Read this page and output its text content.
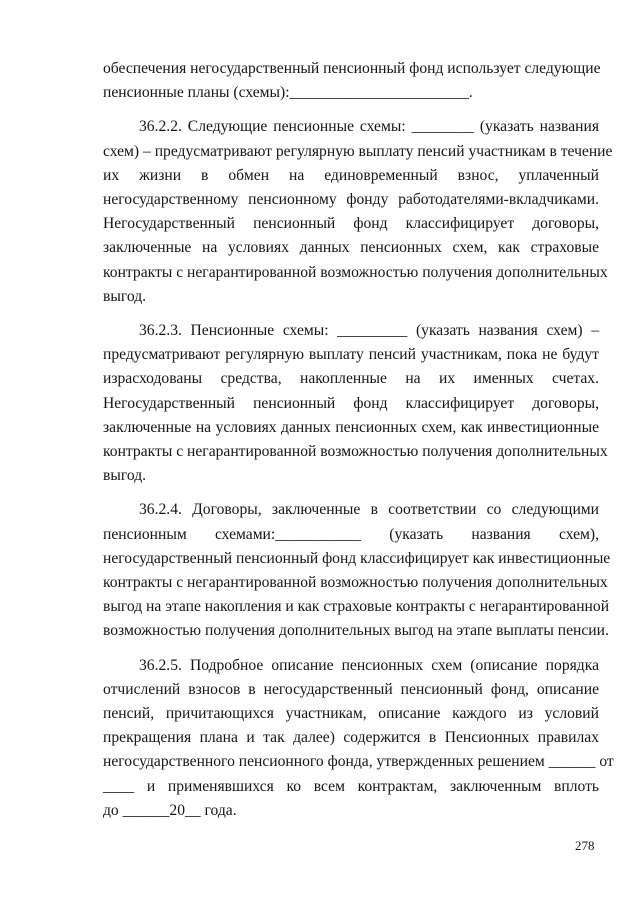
обеспечения негосударственный пенсионный фонд использует следующие
пенсионные планы (схемы):_______________________.
36.2.2. Следующие пенсионные схемы: ________ (указать названия
схем) – предусматривают регулярную выплату пенсий участникам в течение
их жизни в обмен на единовременный взнос, уплаченный
негосударственному пенсионному фонду работодателями-вкладчиками.
Негосударственный пенсионный фонд классифицирует договоры,
заключенные на условиях данных пенсионных схем, как страховые
контракты с негарантированной возможностью получения дополнительных
выгод.
36.2.3. Пенсионные схемы: _________ (указать названия схем) –
предусматривают регулярную выплату пенсий участникам, пока не будут
израсходованы средства, накопленные на их именных счетах.
Негосударственный пенсионный фонд классифицирует договоры,
заключенные на условиях данных пенсионных схем, как инвестиционные
контракты с негарантированной возможностью получения дополнительных
выгод.
36.2.4. Договоры, заключенные в соответствии со следующими
пенсионным схемами:___________ (указать названия схем),
негосударственный пенсионный фонд классифицирует как инвестиционные
контракты с негарантированной возможностью получения дополнительных
выгод на этапе накопления и как страховые контракты с негарантированной
возможностью получения дополнительных выгод на этапе выплаты пенсии.
36.2.5. Подробное описание пенсионных схем (описание порядка
отчислений взносов в негосударственный пенсионный фонд, описание
пенсий, причитающихся участникам, описание каждого из условий
прекращения плана и так далее) содержится в Пенсионных правилах
негосударственного пенсионного фонда, утвержденных решением ______ от
____ и применявшихся ко всем контрактам, заключенным вплоть
до ______20__ года.
278
